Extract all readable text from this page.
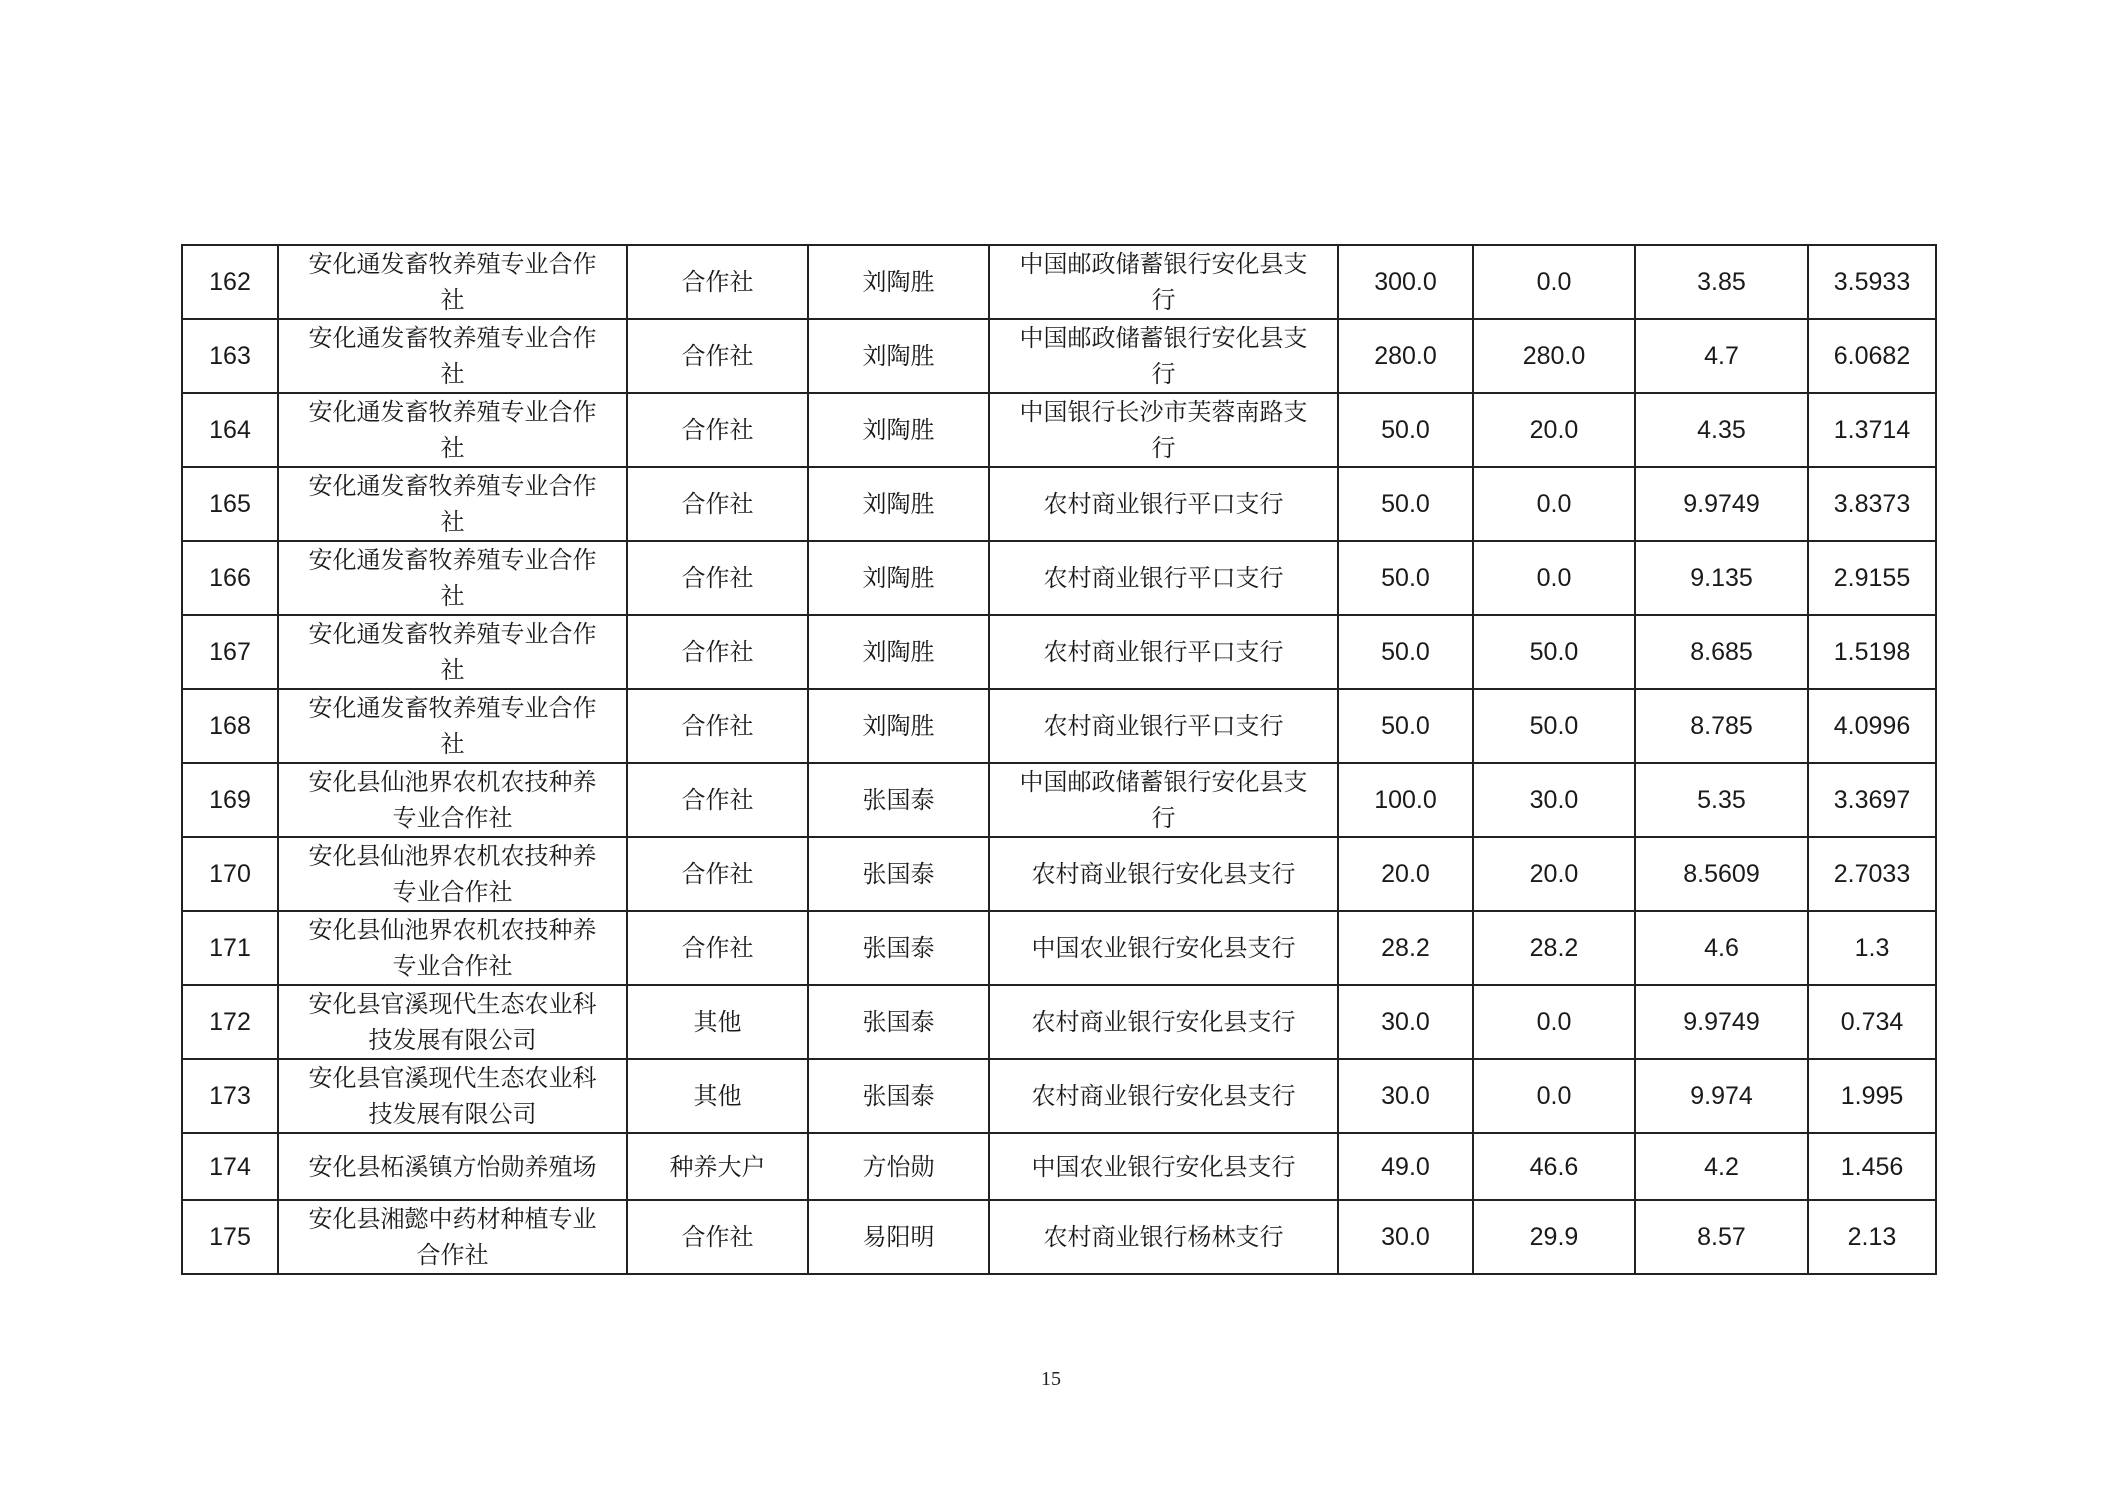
162	安化通发畜牧养殖专业合作社	合作社	刘陶胜	中国邮政储蓄银行安化县支行	300.0	0.0	3.85	3.5933
163	安化通发畜牧养殖专业合作社	合作社	刘陶胜	中国邮政储蓄银行安化县支行	280.0	280.0	4.7	6.0682
164	安化通发畜牧养殖专业合作社	合作社	刘陶胜	中国银行长沙市芙蓉南路支行	50.0	20.0	4.35	1.3714
165	安化通发畜牧养殖专业合作社	合作社	刘陶胜	农村商业银行平口支行	50.0	0.0	9.9749	3.8373
166	安化通发畜牧养殖专业合作社	合作社	刘陶胜	农村商业银行平口支行	50.0	0.0	9.135	2.9155
167	安化通发畜牧养殖专业合作社	合作社	刘陶胜	农村商业银行平口支行	50.0	50.0	8.685	1.5198
168	安化通发畜牧养殖专业合作社	合作社	刘陶胜	农村商业银行平口支行	50.0	50.0	8.785	4.0996
169	安化县仙池界农机农技种养专业合作社	合作社	张国泰	中国邮政储蓄银行安化县支行	100.0	30.0	5.35	3.3697
170	安化县仙池界农机农技种养专业合作社	合作社	张国泰	农村商业银行安化县支行	20.0	20.0	8.5609	2.7033
171	安化县仙池界农机农技种养专业合作社	合作社	张国泰	中国农业银行安化县支行	28.2	28.2	4.6	1.3
172	安化县官溪现代生态农业科技发展有限公司	其他	张国泰	农村商业银行安化县支行	30.0	0.0	9.9749	0.734
173	安化县官溪现代生态农业科技发展有限公司	其他	张国泰	农村商业银行安化县支行	30.0	0.0	9.974	1.995
174	安化县柘溪镇方怡勋养殖场	种养大户	方怡勋	中国农业银行安化县支行	49.0	46.6	4.2	1.456
175	安化县湘懿中药材种植专业合作社	合作社	易阳明	农村商业银行杨林支行	30.0	29.9	8.57	2.13
15
